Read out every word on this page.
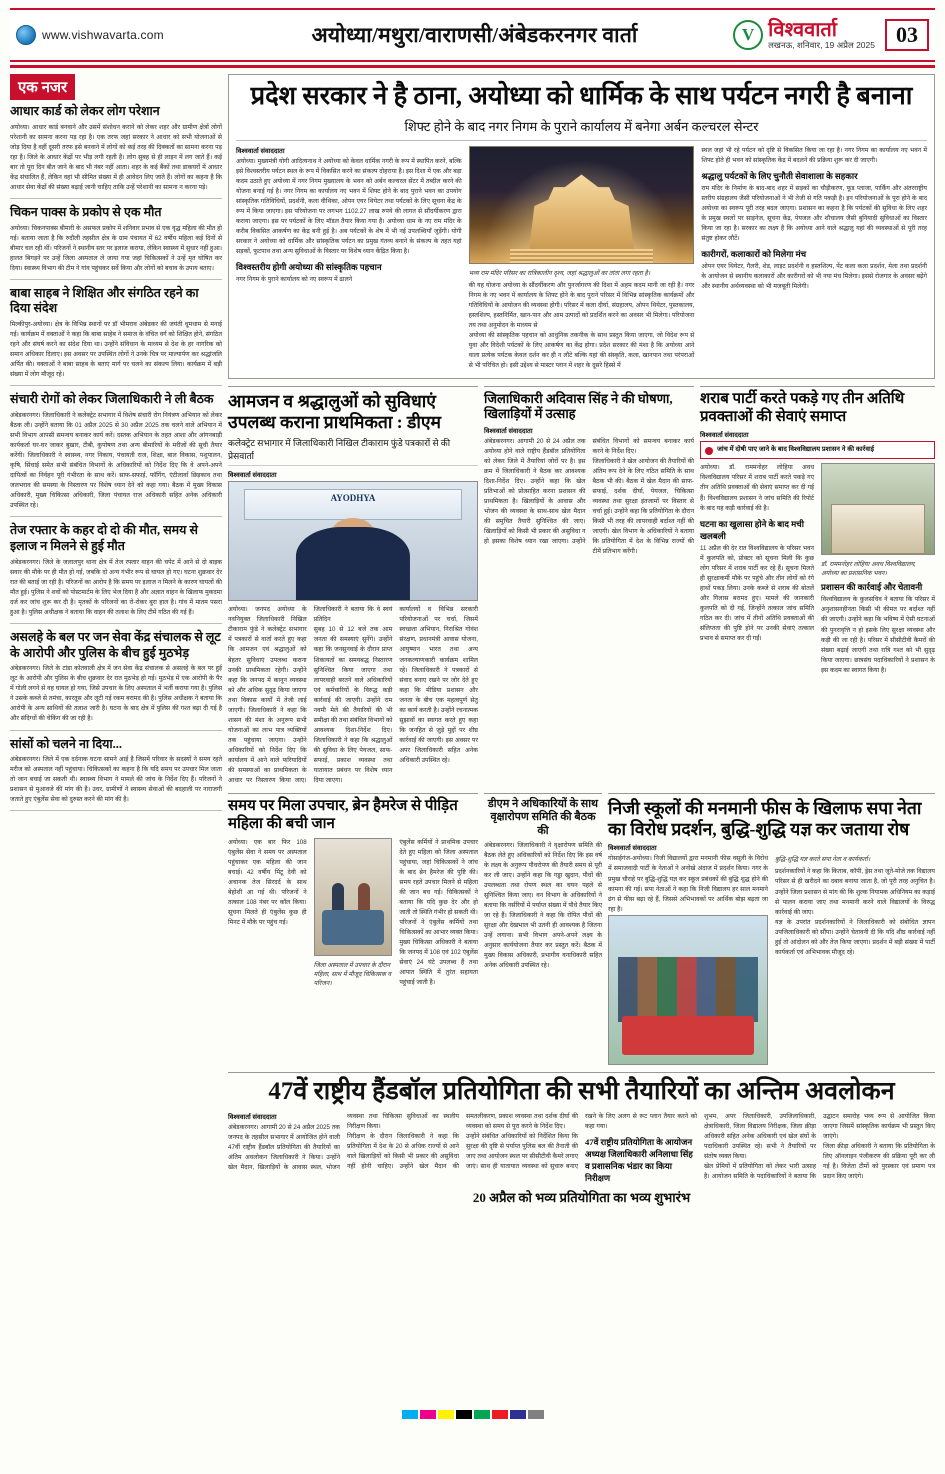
www.vishwavarta.com	अयोध्या/मथुरा/वाराणसी/अंबेडकरनगर वार्ता	V विश्ववार्ता
लखनऊ, शनिवार, 19 अप्रैल 2025 03
एक नजर
आधार कार्ड को लेकर लोग परेशान
अयोध्या। आधार कार्ड बनवाने और उसमें संशोधन कराने को लेकर शहर और ग्रामीण क्षेत्रों लोगों परेशानी का सामना करना पड़ रहा है। एक तरफ जहां सरकार ने आधार को सभी योजनाओं से जोड़ दिया है वहीं दूसरी तरफ इसे बनवाने में लोगों को कई तरह की दिक्कतों का सामना करना पड़ रहा है। जिले के आधार केंद्रों पर भीड़ लगी रहती है। लोग सुबह से ही लाइन में लग जाते हैं। कई बार तो पूरा दिन बीत जाने के बाद भी नंबर नहीं आता। शहर के कई बैंकों तथा डाकघरों में आधार केंद्र संचालित हैं, लेकिन वहां भी सीमित संख्या में ही आवेदन लिए जाते हैं। लोगों का कहना है कि आधार सेवा केंद्रों की संख्या बढ़ाई जानी चाहिए ताकि उन्हें परेशानी का सामना न करना पड़े।
चिकन पाक्स के प्रकोप से एक मौत
अयोध्या। चिकनपाक्स बीमारी के असफल प्रकोप में शनिवार प्रभाव से एक वृद्ध महिला की मौत हो गई। बताया जाता है कि रुदौली तहसील क्षेत्र के ग्राम पंचायत में 62 वर्षीय महिला कई दिनों से बीमार चल रही थीं। परिजनों ने स्थानीय स्तर पर इलाज कराया, लेकिन स्वास्थ्य में सुधार नहीं हुआ। हालत बिगड़ने पर उन्हें जिला अस्पताल ले जाया गया जहां चिकित्सकों ने उन्हें मृत घोषित कर दिया। स्वास्थ्य विभाग की टीम ने गांव पहुंचकर सर्वे किया और लोगों को बचाव के उपाय बताए।
बाबा साहब ने शिक्षित और संगठित रहने का दिया संदेश
मिल्कीपुर-अयोध्या। क्षेत्र के विभिन्न स्थानों पर डॉ भीमराव अंबेडकर की जयंती धूमधाम से मनाई गई। कार्यक्रम में वक्ताओं ने कहा कि बाबा साहेब ने समाज के वंचित वर्ग को शिक्षित होने, संगठित रहने और संघर्ष करने का संदेश दिया था। उन्होंने संविधान के माध्यम से देश के हर नागरिक को समान अधिकार दिलाए। इस अवसर पर उपस्थित लोगों ने उनके चित्र पर माल्यार्पण कर श्रद्धांजलि अर्पित की। वक्ताओं ने बाबा साहब के बताए मार्ग पर चलने का संकल्प लिया। कार्यक्रम में बड़ी संख्या में लोग मौजूद रहे।
संचारी रोगों को लेकर जिलाधिकारी ने ली बैठक
अंबेडकरनगर। जिलाधिकारी ने कलेक्ट्रेट सभागार में विशेष संचारी रोग नियंत्रण अभियान को लेकर बैठक ली। उन्होंने बताया कि 01 अप्रैल 2025 से 30 अप्रैल 2025 तक चलने वाले अभियान में सभी विभाग आपसी समन्वय बनाकर कार्य करें। दस्तक अभियान के तहत आशा और आंगनबाड़ी कार्यकर्ता घर-घर जाकर बुखार, टीबी, कुपोषण तथा अन्य बीमारियों के मरीजों की सूची तैयार करेंगी। जिलाधिकारी ने स्वास्थ्य, नगर निकाय, पंचायती राज, शिक्षा, बाल विकास, पशुपालन, कृषि, सिंचाई समेत सभी संबंधित विभागों के अधिकारियों को निर्देश दिए कि वे अपने-अपने दायित्वों का निर्वहन पूरी गंभीरता के साथ करें। साफ-सफाई, फॉगिंग, एंटीलार्वा छिड़काव तथा जलभराव की समस्या के निस्तारण पर विशेष ध्यान देने को कहा गया। बैठक में मुख्य विकास अधिकारी, मुख्य चिकित्सा अधिकारी, जिला पंचायत राज अधिकारी सहित अनेक अधिकारी उपस्थित रहे।
तेज रफ्तार के कहर दो दो की मौत, समय से इलाज न मिलने से हुई मौत
अंबेडकरनगर। जिले के जलालपुर थाना क्षेत्र में तेज रफ्तार वाहन की चपेट में आने से दो बाइक सवार की मौके पर ही मौत हो गई, जबकि दो अन्य गंभीर रूप से घायल हो गए। घटना शुक्रवार देर रात की बताई जा रही है। परिजनों का आरोप है कि समय पर इलाज न मिलने के कारण घायलों की मौत हुई। पुलिस ने शवों को पोस्टमार्टम के लिए भेज दिया है और अज्ञात वाहन के खिलाफ मुकदमा दर्ज कर जांच शुरू कर दी है। मृतकों के परिजनों का रो-रोकर बुरा हाल है। गांव में मातम पसरा हुआ है। पुलिस अधीक्षक ने बताया कि वाहन की तलाश के लिए टीमें गठित की गई हैं।
असलहे के बल पर जन सेवा केंद्र संचालक से लूट के आरोपी और पुलिस के बीच हुई मुठभेड़
अंबेडकरनगर। जिले के टांडा कोतवाली क्षेत्र में जन सेवा केंद्र संचालक से असलहे के बल पर हुई लूट के आरोपी और पुलिस के बीच शुक्रवार देर रात मुठभेड़ हो गई। मुठभेड़ में एक आरोपी के पैर में गोली लगने से वह घायल हो गया, जिसे उपचार के लिए अस्पताल में भर्ती कराया गया है। पुलिस ने उसके कब्जे से तमंचा, कारतूस और लूटी गई रकम बरामद की है। पुलिस अधीक्षक ने बताया कि आरोपी के अन्य साथियों की तलाश जारी है। घटना के बाद क्षेत्र में पुलिस की गश्त बढ़ा दी गई है और संदिग्धों की चेकिंग की जा रही है।
सांसों को चलने ना दिया...
अंबेडकरनगर। जिले में एक दर्दनाक घटना सामने आई है जिसमें परिवार के सदस्यों ने समय रहते मरीज को अस्पताल नहीं पहुंचाया। चिकित्सकों का कहना है कि यदि समय पर उपचार मिल जाता तो जान बचाई जा सकती थी। स्वास्थ्य विभाग ने मामले की जांच के निर्देश दिए हैं। परिजनों ने प्रशासन से मुआवजे की मांग की है। उधर, ग्रामीणों ने स्वास्थ्य सेवाओं की बदहाली पर नाराजगी जताते हुए एंबुलेंस सेवा को दुरुस्त करने की मांग की है।
प्रदेश सरकार ने है ठाना, अयोध्या को धार्मिक के साथ पर्यटन नगरी है बनाना
शिफ्ट होने के बाद नगर निगम के पुराने कार्यालय में बनेगा अर्बन कल्चरल सेन्टर
विश्ववार्ता संवाददाता
अयोध्या। मुख्यमंत्री योगी आदित्यनाथ ने अयोध्या को केवल धार्मिक नगरी के रूप में स्थापित करने, बल्कि इसे विश्वस्तरीय पर्यटन स्थल के रूप में विकसित करने का संकल्प दोहराया है। इस दिशा में एक और बड़ा कदम उठाते हुए अयोध्या में नगर निगम मुख्यालय के भवन को अर्बन कल्चरल सेंटर में तब्दील करने की योजना बनाई गई है। नगर निगम का कार्यालय नए भवन में शिफ्ट होने के बाद पुराने भवन का उपयोग सांस्कृतिक गतिविधियों, प्रदर्शनी, कला वीथिका, ओपन एयर थियेटर तथा पर्यटकों के लिए सूचना केंद्र के रूप में किया जाएगा। इस परियोजना पर लगभग 1102.27 लाख रुपये की लागत से सौंदर्यीकरण द्वारा कराया जाएगा। इस पर पर्यटकों के लिए मॉडल तैयार किया गया है। अयोध्या धाम के नए राम मंदिर के करीब विकसित आकर्षण का केंद्र बनी हुई है। अब पर्यटकों के शेष में भी नई उपलब्धियाँ जुड़ेंगी। योगी सरकार ने अयोध्या को धार्मिक और सांस्कृतिक पर्यटन का प्रमुख गंतव्य बनाने के संकल्प के तहत यहां सड़कों, फुटपाथ तथा अन्य सुविधाओं के विस्तार पर विशेष ध्यान केंद्रित किया है।
विश्वस्तरीय होगी अयोध्या की सांस्कृतिक पहचान
नगर निगम के पुराने कार्यालय को नए स्वरूप में ढालने
भव्य राम मंदिर परिसर का रात्रिकालीन दृश्य, जहां श्रद्धालुओं का तांता लगा रहता है।
की यह योजना अयोध्या के सौंदर्यीकरण और पुनर्जागरण की दिशा में अहम कदम मानी जा रही है। नगर निगम के नए भवन में कार्यालय के शिफ्ट होने के बाद पुराने परिसर में विभिन्न सांस्कृतिक कार्यक्रमों और गतिविधियों के आयोजन की व्यवस्था होगी। परिसर में कला दीर्घा, संग्रहालय, ओपन थियेटर, पुस्तकालय, हस्तशिल्प, हस्तनिर्मित, खान-पान और आम उत्पादों को प्रदर्शित करने का अवसर भी मिलेगा। परियोजना तय तथा अनुमोदन के माध्यम से
अयोध्या की सांस्कृतिक पहचान को आधुनिक तकनीक के साथ प्रस्तुत किया जाएगा, जो विदेश रूप से युवा और विदेशी पर्यटकों के लिए आकर्षण का केंद्र होगा। प्रदेश सरकार की मंशा है कि अयोध्या आने वाला प्रत्येक पर्यटक केवल दर्शन कर ही न लौटे बल्कि यहां की संस्कृति, कला, खानपान तथा परंपराओं से भी परिचित हो। इसी उद्देश्य से मास्टर प्लान में शहर के दूसरे हिस्से में
स्थल जहां भी रहे पर्यटन को दृष्टि से विकसित किया जा रहा है। नगर निगम का कार्यालय नए भवन में शिफ्ट होते ही भवन को सांस्कृतिक केंद्र में बदलने की प्रक्रिया शुरू कर दी जाएगी।
श्रद्धालु पर्यटकों के लिए चुनौती सेवाशाला के सहकार
राम मंदिर के निर्माण के बाद-बाद शहर में सड़कों का चौड़ीकरण, फूड प्लाजा, पार्किंग और अंतरराष्ट्रीय स्तरीय संग्रहालय जैसी परियोजनाओं ने भी तेजी से गति पकड़ी है। इन परियोजनाओं के पूरा होने के बाद अयोध्या का स्वरूप पूरी तरह बदल जाएगा। प्रशासन का कहना है कि पर्यटकों की सुविधा के लिए शहर के प्रमुख स्थलों पर साइनेज, सूचना केंद्र, पेयजल और शौचालय जैसी बुनियादी सुविधाओं का विस्तार किया जा रहा है। सरकार का लक्ष्य है कि अयोध्या आने वाले श्रद्धालु यहां की व्यवस्थाओं से पूरी तरह संतुष्ट होकर लौटें।
कारीगरों, कलाकारों को मिलेगा मंच
ओपन एयर थियेटर, गैलरी, शेड, लाइट प्रदर्शनी व हस्तशिल्प, पेंट कला कला प्रदर्शन, मेला तथा प्रदर्शनी के आयोजन से स्थानीय कलाकारों और कारीगरों को भी नया मंच मिलेगा। इससे रोजगार के अवसर बढ़ेंगे और स्थानीय अर्थव्यवस्था को भी मजबूती मिलेगी।
आमजन व श्रद्धालुओं को सुविधाएं उपलब्ध कराना प्राथमिकता : डीएम
कलेक्ट्रेट सभागार में जिलाधिकारी निखिल टीकाराम फुंडे पत्रकारों से की प्रेसवार्ता
विश्ववार्ता संवाददाता
AYODHYA
अयोध्या। जनपद अयोध्या के नवनियुक्त जिलाधिकारी निखिल टीकाराम फुंडे ने कलेक्ट्रेट सभागार में पत्रकारों से वार्ता करते हुए कहा कि आमजन एवं श्रद्धालुओं को बेहतर सुविधाएं उपलब्ध कराना उनकी प्राथमिकता रहेगी। उन्होंने कहा कि जनपद में कानून व्यवस्था को और अधिक सुदृढ़ किया जाएगा तथा विकास कार्यों में तेजी लाई जाएगी। जिलाधिकारी ने कहा कि शासन की मंशा के अनुरूप सभी योजनाओं का लाभ पात्र व्यक्तियों तक पहुंचाया जाएगा। उन्होंने अधिकारियों को निर्देश दिए कि कार्यालय में आने वाले फरियादियों की समस्याओं का प्राथमिकता के आधार पर निस्तारण किया जाए। जिलाधिकारी ने बताया कि वे स्वयं प्रतिदिन
सुबह 10 से 12 बजे तक आम जनता की समस्याएं सुनेंगे। उन्होंने कहा कि जनसुनवाई के दौरान प्राप्त शिकायतों का समयबद्ध निस्तारण सुनिश्चित किया जाएगा तथा लापरवाही बरतने वाले अधिकारियों एवं कर्मचारियों के विरुद्ध कड़ी कार्रवाई की जाएगी। उन्होंने राम नवमी मेले की तैयारियों की भी समीक्षा की तथा संबंधित विभागों को आवश्यक दिशा-निर्देश दिए। जिलाधिकारी ने कहा कि श्रद्धालुओं की सुविधा के लिए पेयजल, साफ-सफाई, प्रकाश व्यवस्था तथा यातायात प्रबंधन पर विशेष ध्यान दिया जाएगा।
कार्यालयों व विभिन्न सरकारी परियोजनाओं पर चर्चा, जिसमें स्वच्छता अभियान, निराश्रित गोवंश संरक्षण, प्रधानमंत्री आवास योजना, आयुष्मान भारत तथा अन्य जनकल्याणकारी कार्यक्रम शामिल रहे। जिलाधिकारी ने पत्रकारों से संवाद बनाए रखने पर जोर देते हुए कहा कि मीडिया प्रशासन और जनता के बीच एक महत्वपूर्ण सेतु का कार्य करती है। उन्होंने रचनात्मक सुझावों का स्वागत करते हुए कहा कि जनहित से जुड़े मुद्दों पर शीघ्र कार्रवाई की जाएगी। इस अवसर पर अपर जिलाधिकारी सहित अनेक अधिकारी उपस्थित रहे।
जिलाधिकारी अदिवास सिंह ने की घोषणा, खिलाड़ियों में उत्साह
विश्ववार्ता संवाददाता
अंबेडकरनगर। आगामी 20 से 24 अप्रैल तक अयोध्या होने वाले राष्ट्रीय हैंडबॉल प्रतियोगिता को लेकर जिले में तैयारियां जोरों पर है। इस क्रम में जिलाधिकारी ने बैठक कर आवश्यक दिशा-निर्देश दिए। उन्होंने कहा कि खेल प्रतिभाओं को प्रोत्साहित करना प्रशासन की प्राथमिकता है। खिलाड़ियों के आवास और भोजन की व्यवस्था के साथ-साथ खेल मैदान की समुचित तैयारी सुनिश्चित की जाए। खिलाड़ियों को किसी भी प्रकार की असुविधा न हो इसका विशेष ध्यान रखा जाएगा। उन्होंने संबंधित विभागों को समन्वय बनाकर कार्य करने के निर्देश दिए।
जिलाधिकारी ने खेल आयोजन की तैयारियों की अंतिम रूप देने के लिए गठित समिति के साथ बैठक भी की। बैठक में खेल मैदान की साफ-सफाई, दर्शक दीर्घा, पेयजल, चिकित्सा व्यवस्था तथा सुरक्षा इंतजामों पर विस्तार से चर्चा हुई। उन्होंने कहा कि प्रतियोगिता के दौरान किसी भी तरह की लापरवाही बर्दाश्त नहीं की जाएगी। खेल विभाग के अधिकारियों ने बताया कि प्रतियोगिता में देश के विभिन्न राज्यों की टीमें प्रतिभाग करेंगी।
शराब पार्टी करते पकड़े गए तीन अतिथि प्रवक्ताओं की सेवाएं समाप्त
विश्ववार्ता संवाददाता
जांच में दोषी पाए जाने के बाद विश्वविद्यालय प्रशासन ने की कार्रवाई
अयोध्या। डॉ. राममनोहर लोहिया अवध विश्वविद्यालय परिसर में शराब पार्टी करते पकड़े गए तीन अतिथि प्रवक्ताओं की सेवाएं समाप्त कर दी गई हैं। विश्वविद्यालय प्रशासन ने जांच समिति की रिपोर्ट के बाद यह कड़ी कार्रवाई की है।
घटना का खुलासा होने के बाद मची खलबली
11 अप्रैल की देर रात विश्वविद्यालय के परिसर भवन में कुलपति को, प्रोक्टर को सूचना मिली कि कुछ लोग परिसर में शराब पार्टी कर रहे हैं। सूचना मिलते ही सुरक्षाकर्मी मौके पर पहुंचे और तीन लोगों को रंगे हाथों पकड़ लिया। उनके कब्जे से शराब की बोतलें और गिलास बरामद हुए। मामले की जानकारी कुलपति को दी गई, जिन्होंने तत्काल जांच समिति गठित कर दी। जांच में तीनों अतिथि प्रवक्ताओं की संलिप्तता की पुष्टि होने पर उनकी सेवाएं तत्काल प्रभाव से समाप्त कर दी गईं।
डॉ. राममनोहर लोहिया अवध विश्वविद्यालय, अयोध्या का प्रशासनिक भवन।
प्रशासन की कार्रवाई और चेतावनी
विश्वविद्यालय के कुलसचिव ने बताया कि परिसर में अनुशासनहीनता किसी भी कीमत पर बर्दाश्त नहीं की जाएगी। उन्होंने कहा कि भविष्य में ऐसी घटनाओं की पुनरावृत्ति न हो इसके लिए सुरक्षा व्यवस्था और कड़ी की जा रही है। परिसर में सीसीटीवी कैमरों की संख्या बढ़ाई जाएगी तथा रात्रि गश्त को भी सुदृढ़ किया जाएगा। छात्रसंघ पदाधिकारियों ने प्रशासन के इस कदम का स्वागत किया है।
समय पर मिला उपचार, ब्रेन हैमरेज से पीड़ित महिला की बची जान
अयोध्या। एक बार फिर 108 एंबुलेंस सेवा ने समय पर अस्पताल पहुंचाकर एक महिला की जान बचाई। 42 वर्षीय मिंटू देवी को अचानक तेज सिरदर्द के साथ बेहोशी आ गई थी। परिजनों ने तत्काल 108 नंबर पर कॉल किया। सूचना मिलते ही एंबुलेंस कुछ ही मिनट में मौके पर पहुंच गई।
जिला अस्पताल में उपचार के दौरान महिला, साथ में मौजूद चिकित्सक व परिजन।
एंबुलेंस कर्मियों ने प्राथमिक उपचार देते हुए महिला को जिला अस्पताल पहुंचाया, जहां चिकित्सकों ने जांच के बाद ब्रेन हैमरेज की पुष्टि की। समय रहते उपचार मिलने से महिला की जान बच गई। चिकित्सकों ने बताया कि यदि कुछ देर और हो जाती तो स्थिति गंभीर हो सकती थी।
परिजनों ने एंबुलेंस कर्मियों तथा चिकित्सकों का आभार व्यक्त किया। मुख्य चिकित्सा अधिकारी ने बताया कि जनपद में 108 एवं 102 एंबुलेंस सेवाएं 24 घंटे उपलब्ध हैं तथा आपात स्थिति में तुरंत सहायता पहुंचाई जाती है।
डीएम ने अधिकारियों के साथ वृक्षारोपण समिति की बैठक की
अंबेडकरनगर। जिलाधिकारी ने वृक्षारोपण समिति की बैठक लेते हुए अधिकारियों को निर्देश दिए कि इस वर्ष के लक्ष्य के अनुरूप पौधरोपण की तैयारी समय से पूरी कर ली जाए। उन्होंने कहा कि गड्ढा खुदान, पौधों की उपलब्धता तथा रोपण स्थल का चयन पहले से सुनिश्चित किया जाए। वन विभाग के अधिकारियों ने बताया कि नर्सरियों में पर्याप्त संख्या में पौधे तैयार किए जा रहे हैं। जिलाधिकारी ने कहा कि रोपित पौधों की सुरक्षा और देखभाल भी उतनी ही आवश्यक है जितना उन्हें लगाना। सभी विभाग अपने-अपने लक्ष्य के अनुसार कार्ययोजना तैयार कर प्रस्तुत करें। बैठक में मुख्य विकास अधिकारी, प्रभागीय वनाधिकारी सहित अनेक अधिकारी उपस्थित रहे।
निजी स्कूलों की मनमानी फीस के खिलाफ सपा नेता का विरोध प्रदर्शन, बुद्धि-शुद्धि यज्ञ कर जताया रोष
विश्ववार्ता संवाददाता
गोसाईगंज-अयोध्या। निजी विद्यालयों द्वारा मनमानी फीस वसूली के विरोध में समाजवादी पार्टी के नेताओं ने अनोखे अंदाज में प्रदर्शन किया। नगर के प्रमुख चौराहे पर बुद्धि-शुद्धि यज्ञ कर स्कूल प्रबंधकों की बुद्धि शुद्ध होने की कामना की गई। सपा नेताओं ने कहा कि निजी विद्यालय हर साल मनमाने ढंग से फीस बढ़ा रहे हैं, जिससे अभिभावकों पर आर्थिक बोझ बढ़ता जा रहा है।
बुद्धि-शुद्धि यज्ञ करते सपा नेता व कार्यकर्ता।
प्रदर्शनकारियों ने कहा कि किताब, कॉपी, ड्रेस तथा जूते-मोजे तक विद्यालय परिसर से ही खरीदने का दबाव बनाया जाता है, जो पूरी तरह अनुचित है। उन्होंने जिला प्रशासन से मांग की कि शुल्क नियामक अधिनियम का कड़ाई से पालन कराया जाए तथा मनमानी करने वाले विद्यालयों के विरुद्ध कार्रवाई की जाए।
यज्ञ के उपरांत प्रदर्शनकारियों ने जिलाधिकारी को संबोधित ज्ञापन उपजिलाधिकारी को सौंपा। उन्होंने चेतावनी दी कि यदि शीघ्र कार्रवाई नहीं हुई तो आंदोलन को और तेज किया जाएगा। प्रदर्शन में बड़ी संख्या में पार्टी कार्यकर्ता एवं अभिभावक मौजूद रहे।
47वें राष्ट्रीय हैंडबॉल प्रतियोगिता की सभी तैयारियों का अन्तिम अवलोकन
विश्ववार्ता संवाददाता
अंबेडकरनगर। आगामी 20 से 24 अप्रैल 2025 तक जनपद के तहसील सभागार में आयोजित होने वाली 47वीं राष्ट्रीय हैंडबॉल प्रतियोगिता की तैयारियों का अंतिम अवलोकन जिलाधिकारी ने किया। उन्होंने खेल मैदान, खिलाड़ियों के आवास स्थल, भोजन व्यवस्था तथा चिकित्सा सुविधाओं का स्थलीय निरीक्षण किया।
निरीक्षण के दौरान जिलाधिकारी ने कहा कि प्रतियोगिता में देश के 20 से अधिक राज्यों से आने वाले खिलाड़ियों को किसी भी प्रकार की असुविधा नहीं होनी चाहिए। उन्होंने खेल मैदान की समतलीकरण, प्रकाश व्यवस्था तथा दर्शक दीर्घा की व्यवस्था को समय से पूरा करने के निर्देश दिए।
उन्होंने संबंधित अधिकारियों को निर्देशित किया कि सुरक्षा की दृष्टि से पर्याप्त पुलिस बल की तैनाती की जाए तथा आयोजन स्थल पर सीसीटीवी कैमरे लगाए जाएं। साथ ही यातायात व्यवस्था को सुचारु बनाए रखने के लिए अलग से रूट प्लान तैयार करने को कहा गया।
47वें राष्ट्रीय प्रतियोगिता के आयोजन अध्यक्ष जिलाधिकारी अनिलाधा सिंह व प्रशासनिक भंडार का किया निरीक्षण
शुभम, अपर जिलाधिकारी, उपजिलाधिकारी, क्षेत्राधिकारी, जिला विद्यालय निरीक्षक, जिला क्रीड़ा अधिकारी सहित अनेक अधिकारी एवं खेल संघों के पदाधिकारी उपस्थित रहे। सभी ने तैयारियों पर संतोष व्यक्त किया।
खेल प्रेमियों में प्रतियोगिता को लेकर भारी उत्साह है। आयोजन समिति के पदाधिकारियों ने बताया कि उद्घाटन समारोह भव्य रूप से आयोजित किया जाएगा जिसमें सांस्कृतिक कार्यक्रम भी प्रस्तुत किए जाएंगे।
जिला क्रीड़ा अधिकारी ने बताया कि प्रतियोगिता के लिए ऑनलाइन पंजीकरण की प्रक्रिया पूरी कर ली गई है। विजेता टीमों को पुरस्कार एवं प्रमाण पत्र प्रदान किए जाएंगे।
20 अप्रैल को भव्य प्रतियोगिता का भव्य शुभारंभ
